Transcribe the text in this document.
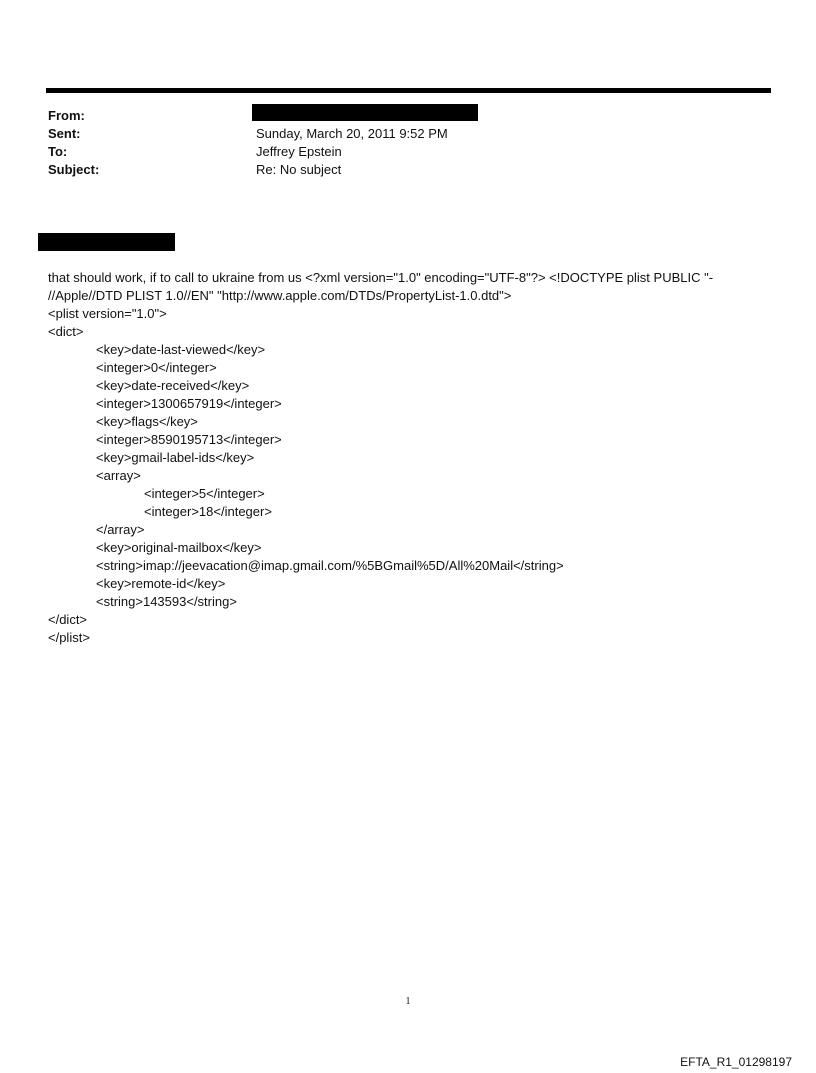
From:
Sent:	Sunday, March 20, 2011 9:52 PM
To:	Jeffrey Epstein
Subject:	Re: No subject
that should work, if to call to ukraine from us <?xml version="1.0" encoding="UTF-8"?> <!DOCTYPE plist PUBLIC "-
//Apple//DTD PLIST 1.0//EN" "http://www.apple.com/DTDs/PropertyList-1.0.dtd">
<plist version="1.0">
<dict>
<key>date-last-viewed</key>
<integer>0</integer>
<key>date-received</key>
<integer>1300657919</integer>
<key>flags</key>
<integer>8590195713</integer>
<key>gmail-label-ids</key>
<array>
<integer>5</integer>
<integer>18</integer>
</array>
<key>original-mailbox</key>
<string>imap://jeevacation@imap.gmail.com/%5BGmail%5D/All%20Mail</string>
<key>remote-id</key>
<string>143593</string>
</dict>
</plist>
1
EFTA_R1_01298197
